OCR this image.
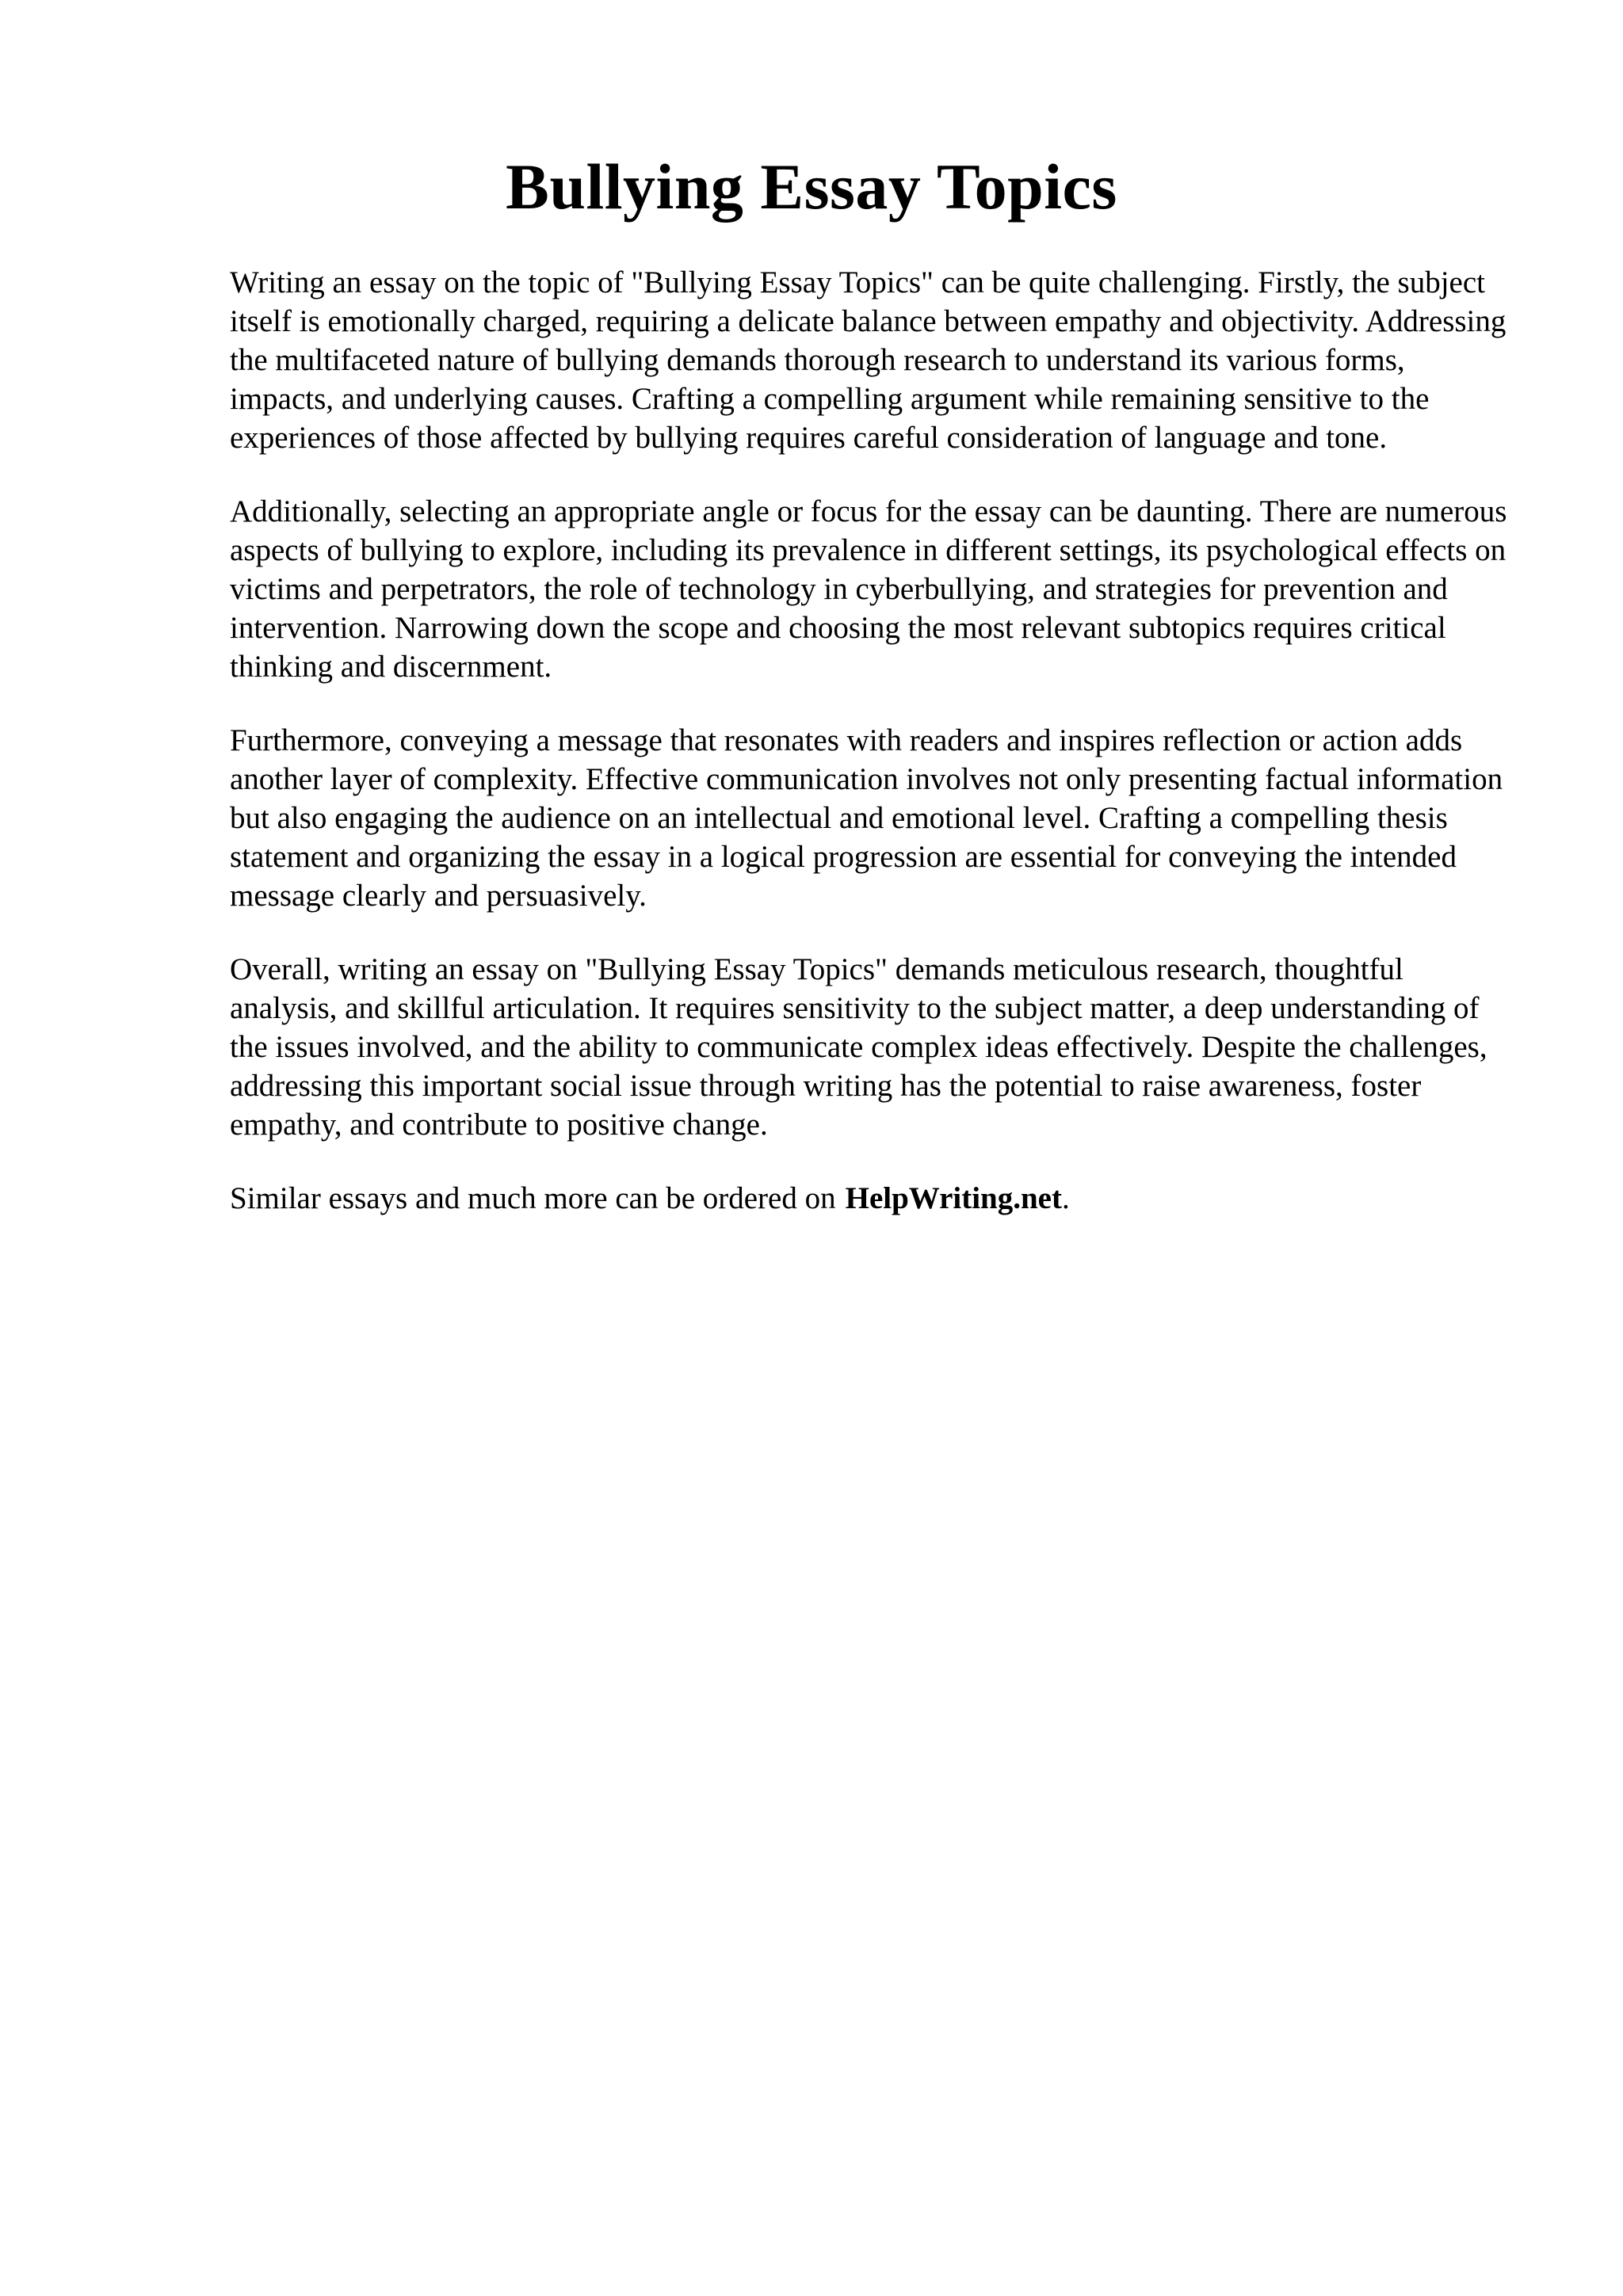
Bullying Essay Topics

Writing an essay on the topic of "Bullying Essay Topics" can be quite challenging. Firstly, the subject itself is emotionally charged, requiring a delicate balance between empathy and objectivity. Addressing the multifaceted nature of bullying demands thorough research to understand its various forms, impacts, and underlying causes. Crafting a compelling argument while remaining sensitive to the experiences of those affected by bullying requires careful consideration of language and tone.

Additionally, selecting an appropriate angle or focus for the essay can be daunting. There are numerous aspects of bullying to explore, including its prevalence in different settings, its psychological effects on victims and perpetrators, the role of technology in cyberbullying, and strategies for prevention and intervention. Narrowing down the scope and choosing the most relevant subtopics requires critical thinking and discernment.

Furthermore, conveying a message that resonates with readers and inspires reflection or action adds another layer of complexity. Effective communication involves not only presenting factual information but also engaging the audience on an intellectual and emotional level. Crafting a compelling thesis statement and organizing the essay in a logical progression are essential for conveying the intended message clearly and persuasively.

Overall, writing an essay on "Bullying Essay Topics" demands meticulous research, thoughtful analysis, and skillful articulation. It requires sensitivity to the subject matter, a deep understanding of the issues involved, and the ability to communicate complex ideas effectively. Despite the challenges, addressing this important social issue through writing has the potential to raise awareness, foster empathy, and contribute to positive change.

Similar essays and much more can be ordered on HelpWriting.net.
